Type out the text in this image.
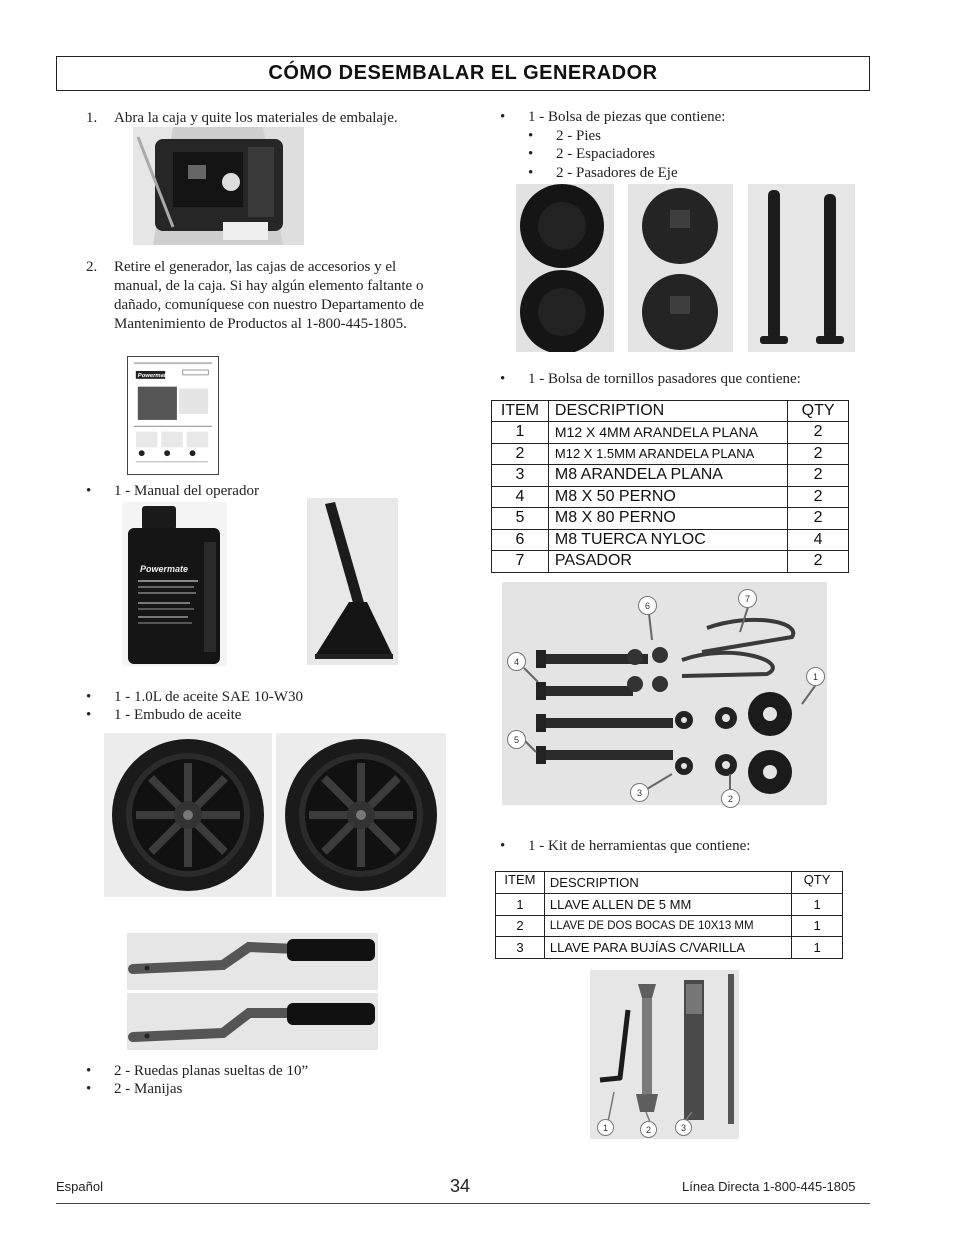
CÓMO DESEMBALAR EL GENERADOR
1. Abra la caja y quite los materiales de embalaje.
2. Retire el generador, las cajas de accesorios y el
manual, de la caja. Si hay algún elemento faltante o
dañado, comuníquese con nuestro Departamento de
Mantenimiento de Productos al 1-800-445-1805.
Powermate
• 1 - Manual del operador
Powermate
• 1 - 1.0L de aceite SAE 10-W30
• 1 - Embudo de aceite
• 2 - Ruedas planas sueltas de 10”
• 2 - Manijas
• 1 - Bolsa de piezas que contiene:
• 2 - Pies
• 2 - Espaciadores
• 2 - Pasadores de Eje
• 1 - Bolsa de tornillos pasadores que contiene:
ITEM	DESCRIPTION	QTY
1	M12 X 4MM ARANDELA PLANA	2
2	M12 X 1.5MM ARANDELA PLANA	2
3	M8 ARANDELA PLANA	2
4	M8 X 50 PERNO	2
5	M8 X 80 PERNO	2
6	M8 TUERCA NYLOC	4
7	PASADOR	2
6
7
4
1
5
3
2
• 1 - Kit de herramientas que contiene:
ITEM	DESCRIPTION	QTY
1	LLAVE ALLEN DE 5 MM	1
2	LLAVE DE DOS BOCAS DE 10X13 MM	1
3	LLAVE PARA BUJÍAS C/VARILLA	1
1	2	3
Español	34	Línea Directa 1-800-445-1805
